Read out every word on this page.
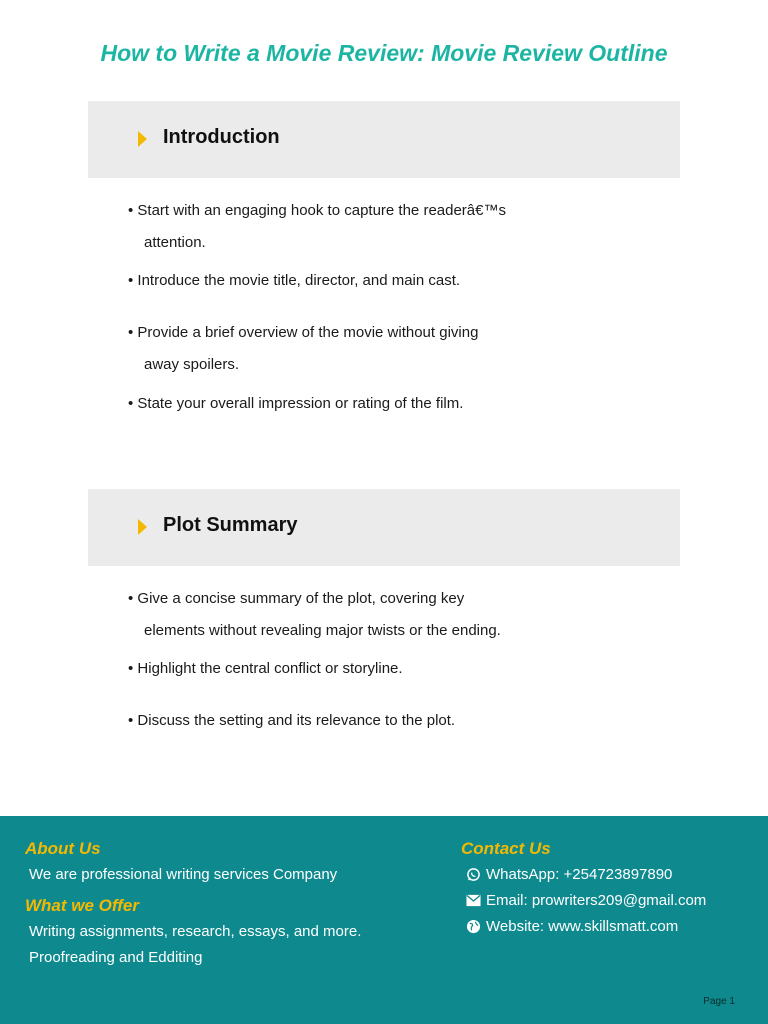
How to Write a Movie Review: Movie Review Outline
Introduction
• Start with an engaging hook to capture the readerâ€™s
attention.
• Introduce the movie title, director, and main cast.
• Provide a brief overview of the movie without giving
away spoilers.
• State your overall impression or rating of the film.
Plot Summary
• Give a concise summary of the plot, covering key
elements without revealing major twists or the ending.
• Highlight the central conflict or storyline.
• Discuss the setting and its relevance to the plot.
About Us
We are professional writing services Company
What we Offer
Writing assignments, research, essays, and more.
Proofreading and Edditing
Contact Us
WhatsApp: +254723897890
Email: prowriters209@gmail.com
Website: www.skillsmatt.com
Page 1
